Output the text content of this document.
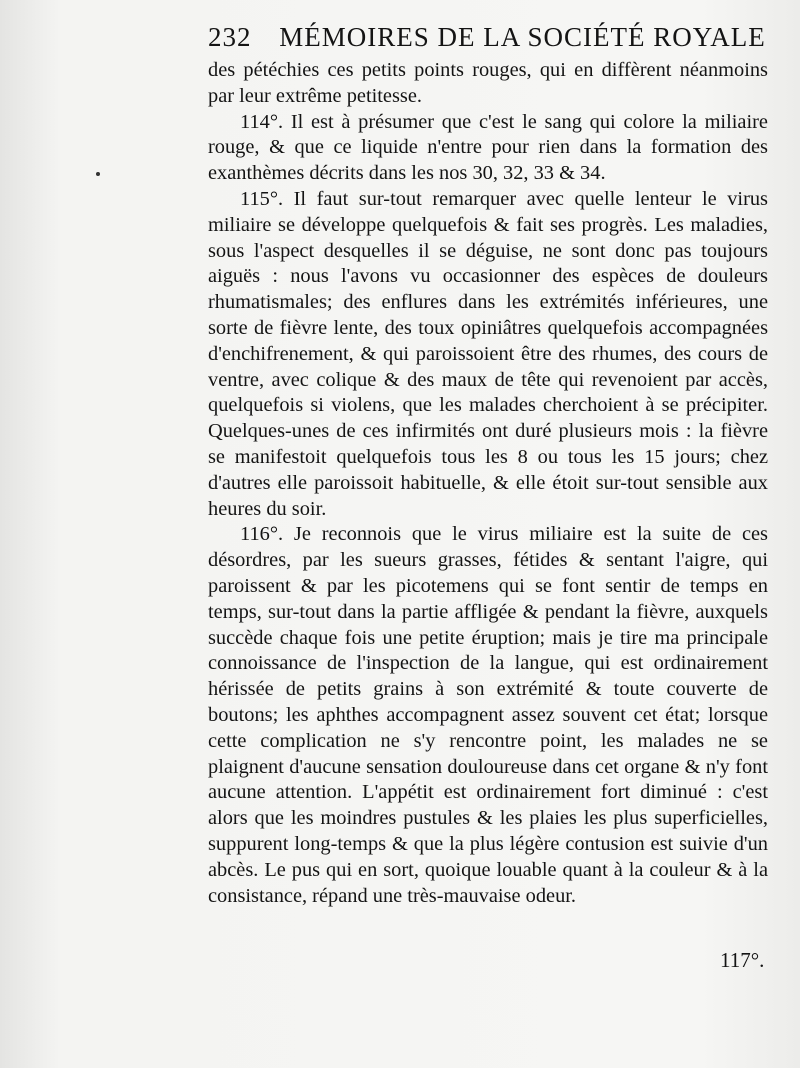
232 MÉMOIRES DE LA SOCIÉTÉ ROYALE

des pétéchies ces petits points rouges, qui en diffèrent néanmoins par leur extrême petitesse.

114°. Il est à présumer que c'est le sang qui colore la miliaire rouge, & que ce liquide n'entre pour rien dans la formation des exanthèmes décrits dans les nos 30, 32, 33 & 34.

115°. Il faut sur-tout remarquer avec quelle lenteur le virus miliaire se développe quelquefois & fait ses progrès. Les maladies, sous l'aspect desquelles il se déguise, ne sont donc pas toujours aiguës : nous l'avons vu occasionner des espèces de douleurs rhumatismales; des enflures dans les extrémités inférieures, une sorte de fièvre lente, des toux opiniâtres quelquefois accompagnées d'enchifrenement, & qui paroissoient être des rhumes, des cours de ventre, avec colique & des maux de tête qui revenoient par accès, quelquefois si violens, que les malades cherchoient à se précipiter. Quelques-unes de ces infirmités ont duré plusieurs mois : la fièvre se manifestoit quelquefois tous les 8 ou tous les 15 jours; chez d'autres elle paroissoit habituelle, & elle étoit sur-tout sensible aux heures du soir.

116°. Je reconnois que le virus miliaire est la suite de ces désordres, par les sueurs grasses, fétides & sentant l'aigre, qui paroissent & par les picotemens qui se font sentir de temps en temps, sur-tout dans la partie affligée & pendant la fièvre, auxquels succède chaque fois une petite éruption; mais je tire ma principale connoissance de l'inspection de la langue, qui est ordinairement hérissée de petits grains à son extrémité & toute couverte de boutons; les aphthes accompagnent assez souvent cet état; lorsque cette complication ne s'y rencontre point, les malades ne se plaignent d'aucune sensation douloureuse dans cet organe & n'y font aucune attention. L'appétit est ordinairement fort diminué : c'est alors que les moindres pustules & les plaies les plus superficielles, suppurent long-temps & que la plus légère contusion est suivie d'un abcès. Le pus qui en sort, quoique louable quant à la couleur & à la consistance, répand une très-mauvaise odeur.

117°.
